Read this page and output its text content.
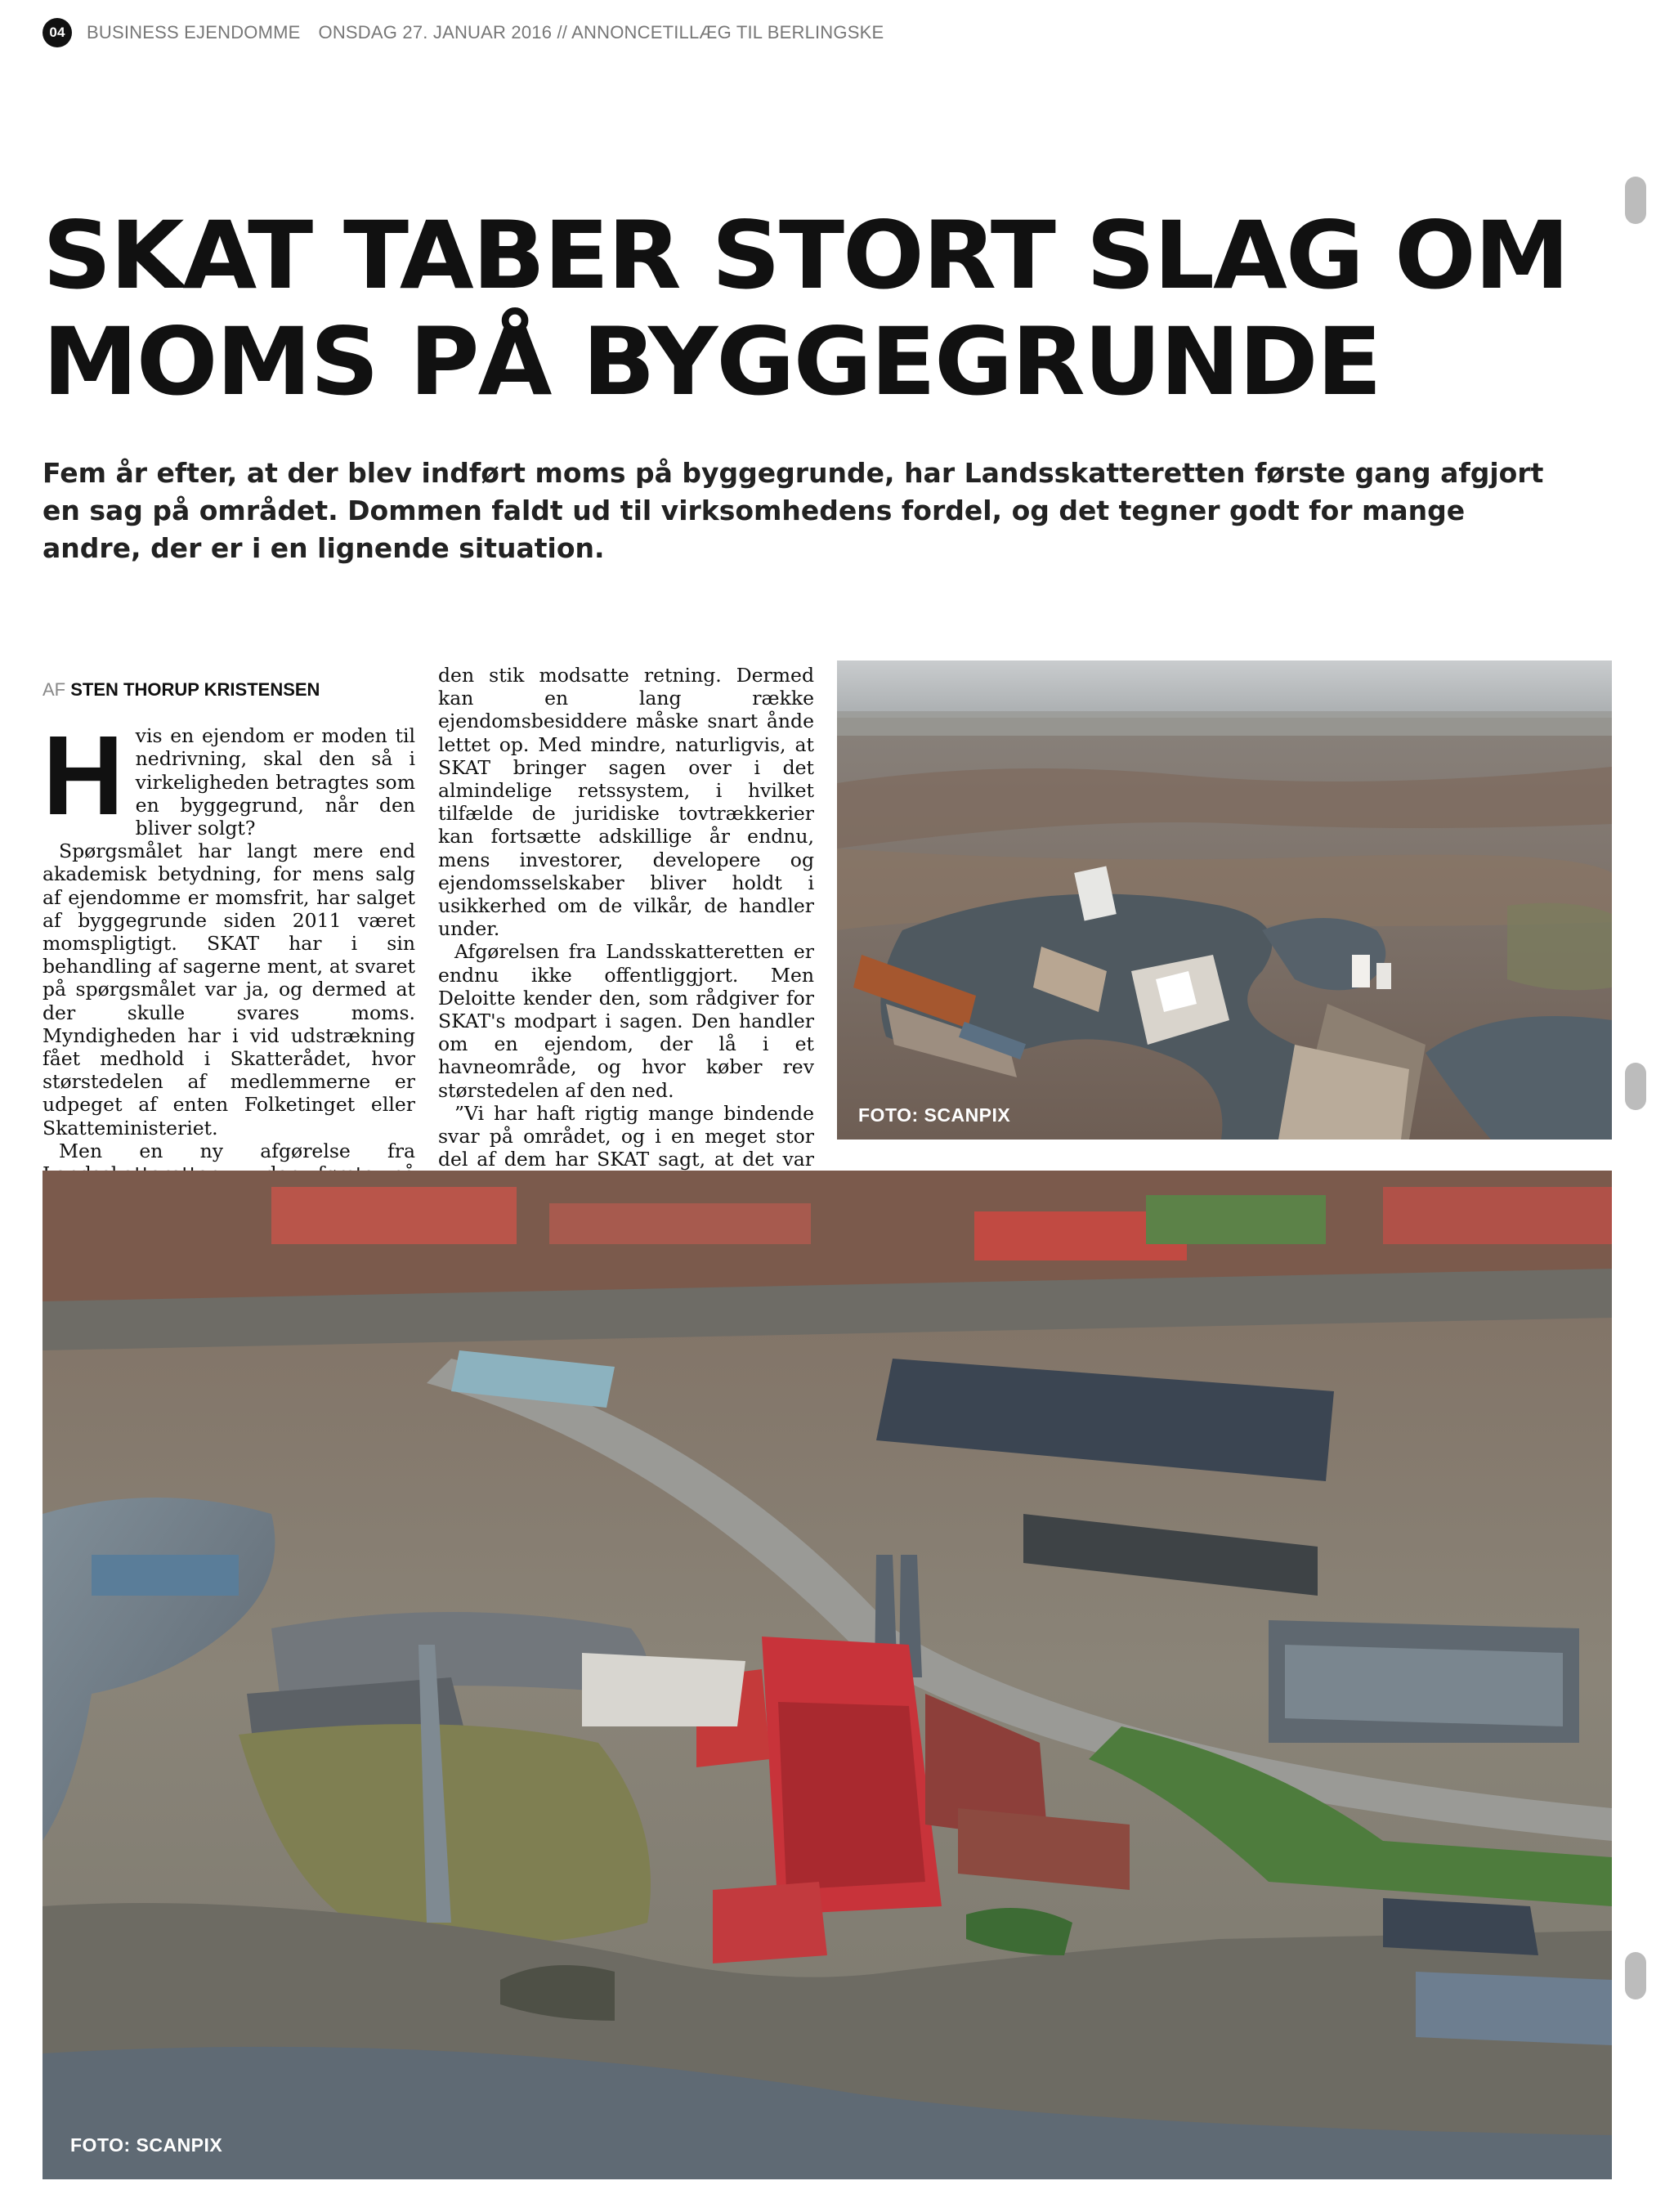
04	BUSINESS EJENDOMME ONSDAG 27. JANUAR 2016 // ANNONCETILLÆG TIL BERLINGSKE
SKAT TABER STORT SLAG OM
MOMS PÅ BYGGEGRUNDE

Fem år efter, at der blev indført moms på byggegrunde, har Landsskatteretten første gang afgjort en sag på området. Dommen faldt ud til virksomhedens fordel, og det tegner godt for mange andre, der er i en lignende situation.

AF STEN THORUP KRISTENSEN

Hvis en ejendom er moden til nedrivning, skal den så i virkeligheden betragtes som en byggegrund, når den bliver solgt?

Spørgsmålet har langt mere end akademisk betydning, for mens salg af ejendomme er momsfrit, har salget af byggegrunde siden 2011 været momspligtigt. SKAT har i sin behandling af sagerne ment, at svaret på spørgsmålet var ja, og dermed at der skulle svares moms. Myndigheden har i vid udstrækning fået medhold i Skatterådet, hvor størstedelen af medlemmerne er udpeget af enten Folketinget eller Skatteministeriet.

Men en ny afgørelse fra

den stik modsatte retning. Dermed kan en lang række ejendomsbesiddere måske snart ånde lettet op. Med mindre, naturligvis, at SKAT bringer sagen over i det almindelige retssystem, i hvilket tilfælde de juridiske tovtrækkerier kan fortsætte adskillige år endnu, mens investorer, developere og ejendomsselskaber bliver holdt i usikkerhed om de vilkår, de handler under.

Afgørelsen fra Landsskatteretten er endnu ikke offentliggjort. Men Deloitte kender den, som rådgiver for SKAT's modpart i sagen. Den handler om en ejendom, der lå i et havneområde, og hvor køber rev størstedelen af den ned.

”Vi har haft rigtig mange bindende svar på området, og i en meget stor del af dem har SKAT sagt, at det var

FOTO: SCANPIX
FOTO: SCANPIX
